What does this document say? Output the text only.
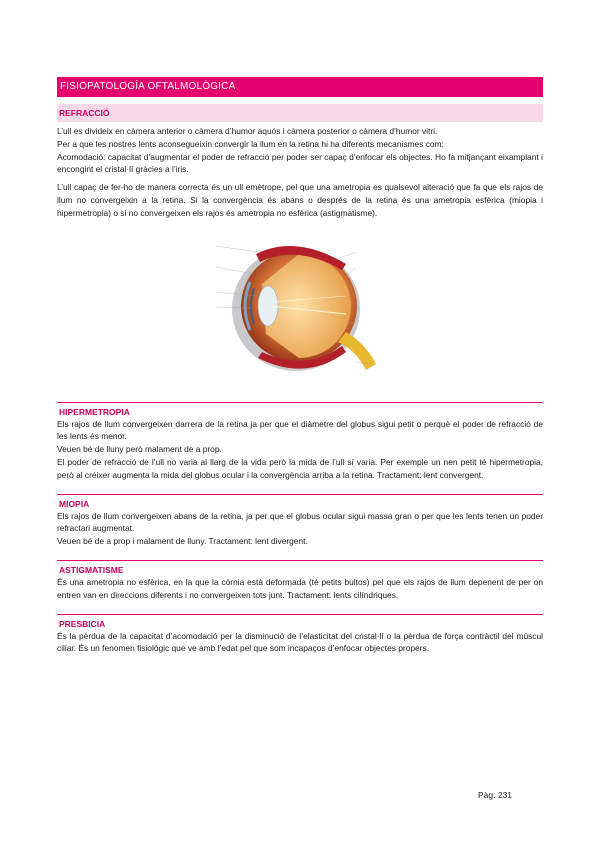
FISIOPATOLOGÍA OFTALMOLÒGICA
REFRACCIÓ

L’ull es divideix en càmera anterior o càmera d’humor aquós i càmera posterior o càmera d’humor vitri.

Per a que les nostres lents aconsegueixin convergir la llum en la retina hi ha diferents mecanismes com:

Acomodació: capacitat d’augmentar el poder de refracció per poder ser capaç d’enfocar els objectes. Ho fa mitjançant eixamplant i encongint el cristal·lí gràcies a l’iris.

L’ull capaç de fer-ho de manera correcta és un ull emètrope, pel que una ametropia es qualsevol alteració que fa que els rajos de llum no convergeixin a la retina. Si la convergència és abans o després de la retina és una ametropia esfèrica (miopia i hipermetropia) o si no convergeixen els rajos és ametropia no esfèrica (astigmatisme).

HIPERMETROPIA

Els rajos de llum convergeixen darrera de la retina ja per que el diàmetre del globus sigui petit o perquè el poder de refracció de les lents és menor.

Veuen bé de lluny però malament de a prop.

El poder de refracció de l’ull no varia al llarg de la vida però la mida de l’ull sí varia. Per exemple un nen petit té hipermetropia, però al créixer augmenta la mida del globus ocular i la convergència arriba a la retina. Tractament: lent convergent.

MIOPIA

Els rajos de llum convergeixen abans de la retina, ja per que el globus ocular sigui massa gran o per que les lents tenen un poder refractari augmentat.

Veuen bé de a prop i malament de lluny. Tractament: lent divergent.

ASTIGMATISME

És una ametropia no esfèrica, en la que la còrnia està deformada (té petits bultos) pel que els rajos de llum depenent de per on entren van en direccions diferents i no convergeixen tots junt. Tractament: lents cilíndriques.

PRESBICIA

És la pèrdua de la capacitat d’acomodació per la disminució de l’elasticitat del cristal·lí o la pèrdua de força contràctil del múscul ciliar. És un fenomen fisiològic que ve amb l’edat pel que som incapaços d’enfocar objectes propers.

Pàg. 231
